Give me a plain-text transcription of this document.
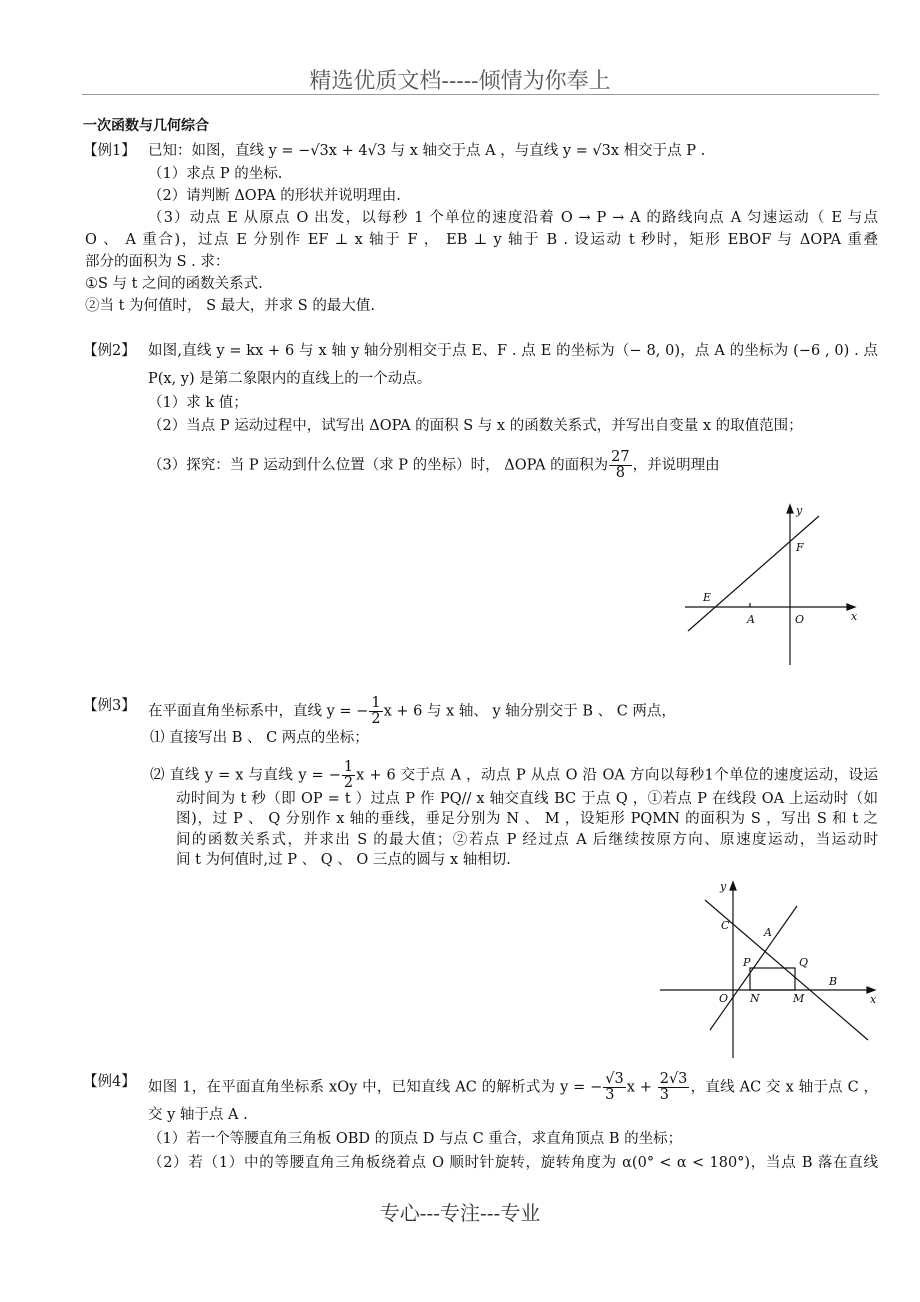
精选优质文档-----倾情为你奉上
一次函数与几何综合
【例1】 已知：如图，直线 y = −√3x + 4√3 与 x 轴交于点 A ，与直线 y = √3x 相交于点 P .
（1）求点 P 的坐标.
（2）请判断 ΔOPA 的形状并说明理由.
（3）动点 E 从原点 O 出发，以每秒 1 个单位的速度沿着 O → P → A 的路线向点 A 匀速运动（ E 与点
O 、 A 重合)，过点 E 分别作 EF ⊥ x 轴于 F ， EB ⊥ y 轴于 B . 设运动 t 秒时，矩形 EBOF 与 ΔOPA 重叠
部分的面积为 S . 求：
①S 与 t 之间的函数关系式.
②当 t 为何值时， S 最大，并求 S 的最大值.
【例2】 如图,直线 y = kx + 6 与 x 轴 y 轴分别相交于点 E、F . 点 E 的坐标为（− 8, 0)，点 A 的坐标为 (−6 , 0) . 点
P(x, y) 是第二象限内的直线上的一个动点。
（1）求 k 值；
（2）当点 P 运动过程中，试写出 ΔOPA 的面积 S 与 x 的函数关系式，并写出自变量 x 的取值范围；
（3）探究：当 P 运动到什么位置（求 P 的坐标）时， ΔOPA 的面积为 $\frac{27}{8}$ ，并说明理由
【例3】 在平面直角坐标系中，直线 y = − $\frac{1}{2}$ x + 6 与 x 轴、 y 轴分别交于 B 、 C 两点，
⑴ 直接写出 B 、 C 两点的坐标；
⑵ 直线 y = x 与直线 y = − $\frac{1}{2}$ x + 6 交于点 A ，动点 P 从点 O 沿 OA 方向以每秒1个单位的速度运动，设运
动时间为 t 秒（即 OP = t ）过点 P 作 PQ// x 轴交直线 BC 于点 Q ，①若点 P 在线段 OA 上运动时（如
图)，过 P 、 Q 分别作 x 轴的垂线，垂足分别为 N 、 M ，设矩形 PQMN 的面积为 S ，写出 S 和 t 之
间的函数关系式，并求出 S 的最大值；②若点 P 经过点 A 后继续按原方向、原速度运动，当运动时
间 t 为何值时,过 P 、 Q 、 O 三点的圆与 x 轴相切.
【例4】 如图 1，在平面直角坐标系 xOy 中，已知直线 AC 的解析式为 y = − $\frac{√3}{3}$ $x + \frac{2√3}{3}$ ，直线 AC 交 x 轴于点 C ，
交 y 轴于点 A .
（1）若一个等腰直角三角板 OBD 的顶点 D 与点 C 重合，求直角顶点 B 的坐标；
（2）若（1）中的等腰直角三角板绕着点 O 顺时针旋转，旋转角度为 α(0° < α < 180°)，当点 B 落在直线
y
F
E
A	O	x
y
C
A
P	Q
B
O N	M	x
专心---专注---专业
